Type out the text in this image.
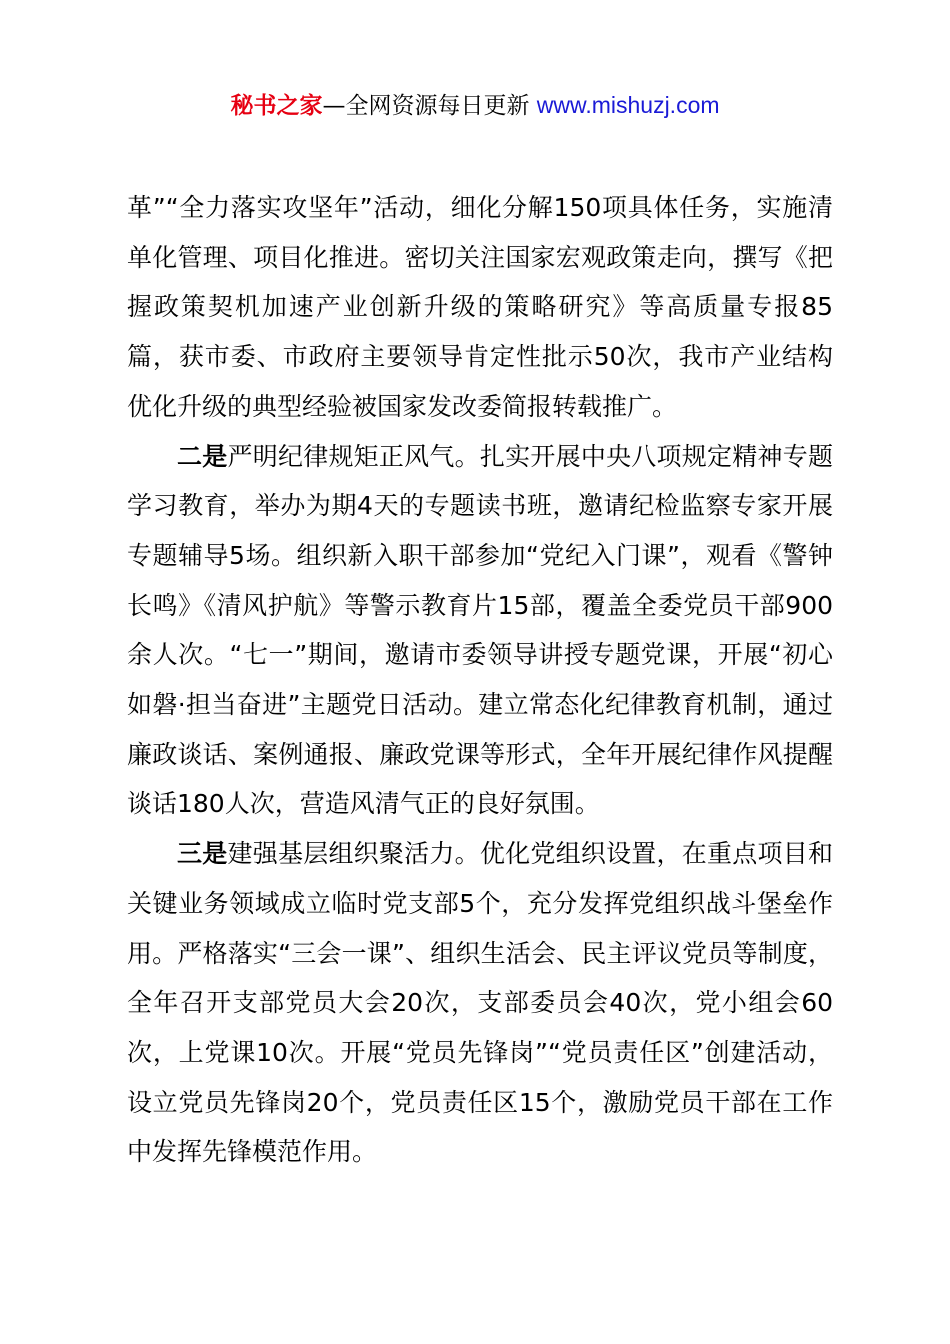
秘书之家—全网资源每日更新 www.mishuzj.com

革”“全力落实攻坚年”活动，细化分解150项具体任务，实施清单化管理、项目化推进。密切关注国家宏观政策走向，撰写《把握政策契机加速产业创新升级的策略研究》等高质量专报85篇，获市委、市政府主要领导肯定性批示50次，我市产业结构优化升级的典型经验被国家发改委简报转载推广。

二是严明纪律规矩正风气。扎实开展中央八项规定精神专题学习教育，举办为期4天的专题读书班，邀请纪检监察专家开展专题辅导5场。组织新入职干部参加“党纪入门课”，观看《警钟长鸣》《清风护航》等警示教育片15部，覆盖全委党员干部900余人次。“七一”期间，邀请市委领导讲授专题党课，开展“初心如磐·担当奋进”主题党日活动。建立常态化纪律教育机制，通过廉政谈话、案例通报、廉政党课等形式，全年开展纪律作风提醒谈话180人次，营造风清气正的良好氛围。

三是建强基层组织聚活力。优化党组织设置，在重点项目和关键业务领域成立临时党支部5个，充分发挥党组织战斗堡垒作用。严格落实“三会一课”、组织生活会、民主评议党员等制度，全年召开支部党员大会20次，支部委员会40次，党小组会60次，上党课10次。开展“党员先锋岗”“党员责任区”创建活动，设立党员先锋岗20个，党员责任区15个，激励党员干部在工作中发挥先锋模范作用。
